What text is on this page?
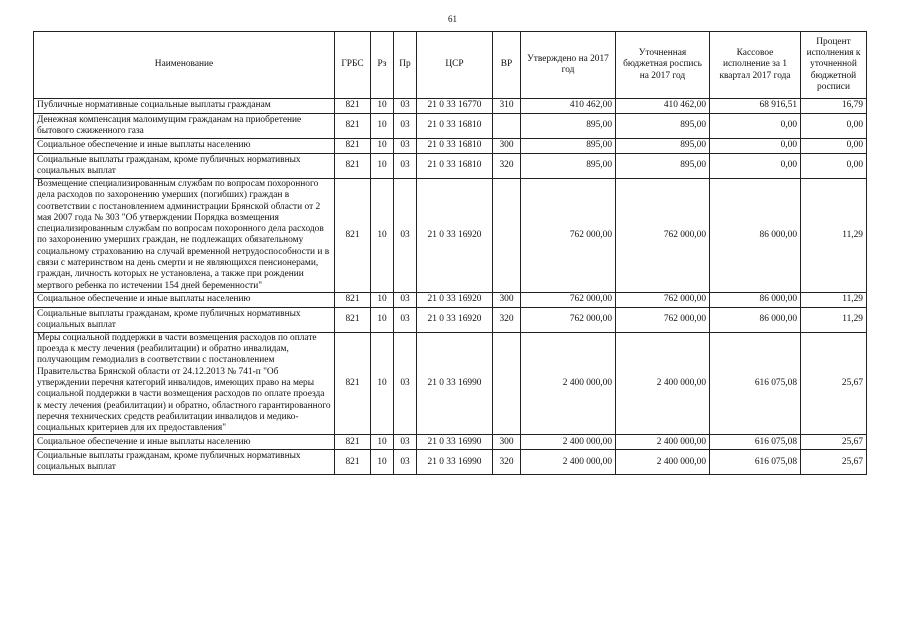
61
Наименование	ГРБС	Рз	Пр	ЦСР	ВР	Утверждено на 2017 год	Уточненная бюджетная роспись на 2017 год	Кассовое исполнение за 1 квартал 2017 года	Процент исполнения к уточненной бюджетной росписи
Публичные нормативные социальные выплаты гражданам	821	10	03	21 0 33 16770	310	410 462,00	410 462,00	68 916,51	16,79
Денежная компенсация малоимущим гражданам на приобретение бытового сжиженного газа	821	10	03	21 0 33 16810		895,00	895,00	0,00	0,00
Социальное обеспечение и иные выплаты населению	821	10	03	21 0 33 16810	300	895,00	895,00	0,00	0,00
Социальные выплаты гражданам, кроме публичных нормативных социальных выплат	821	10	03	21 0 33 16810	320	895,00	895,00	0,00	0,00
Возмещение специализированным службам по вопросам похоронного дела расходов по захоронению умерших (погибших) граждан в соответствии с постановлением администрации Брянской области от 2 мая 2007 года № 303 "Об утверждении Порядка возмещения специализированным службам по вопросам похоронного дела расходов по захоронению умерших граждан, не подлежащих обязательному социальному страхованию на случай временной нетрудоспособности и в связи с материнством на день смерти и не являющихся пенсионерами, граждан, личность которых не установлена, а также при рождении мертвого ребенка по истечении 154 дней беременности"	821	10	03	21 0 33 16920		762 000,00	762 000,00	86 000,00	11,29
Социальное обеспечение и иные выплаты населению	821	10	03	21 0 33 16920	300	762 000,00	762 000,00	86 000,00	11,29
Социальные выплаты гражданам, кроме публичных нормативных социальных выплат	821	10	03	21 0 33 16920	320	762 000,00	762 000,00	86 000,00	11,29
Меры социальной поддержки в части возмещения расходов по оплате проезда к месту лечения (реабилитации) и обратно инвалидам, получающим гемодиализ в соответствии с постановлением Правительства Брянской области от 24.12.2013 № 741-п "Об утверждении перечня категорий инвалидов, имеющих право на меры социальной поддержки в части возмещения расходов по оплате проезда к месту лечения (реабилитации) и обратно, областного гарантированного перечня технических средств реабилитации инвалидов и медико-социальных критериев для их предоставления"	821	10	03	21 0 33 16990		2 400 000,00	2 400 000,00	616 075,08	25,67
Социальное обеспечение и иные выплаты населению	821	10	03	21 0 33 16990	300	2 400 000,00	2 400 000,00	616 075,08	25,67
Социальные выплаты гражданам, кроме публичных нормативных социальных выплат	821	10	03	21 0 33 16990	320	2 400 000,00	2 400 000,00	616 075,08	25,67
